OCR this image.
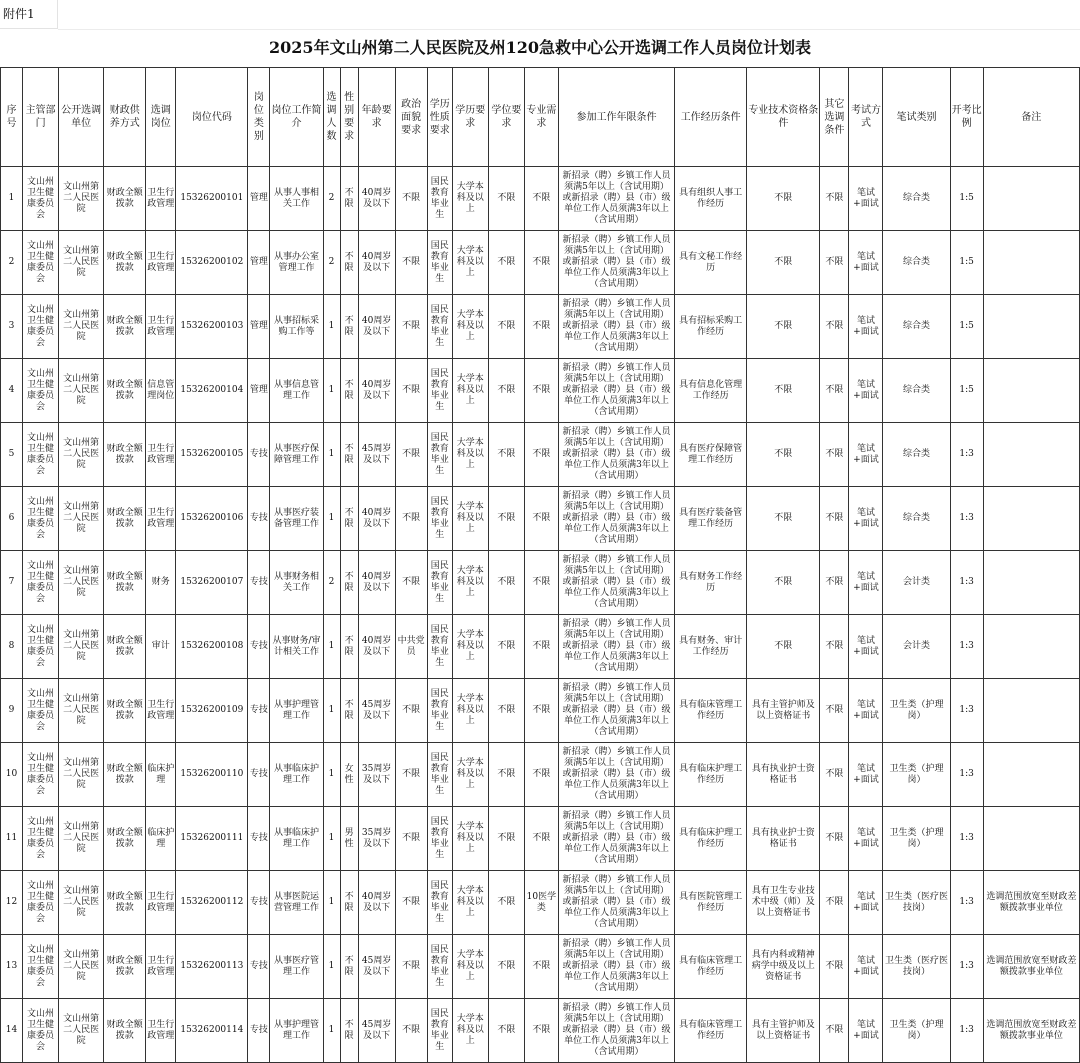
附件1
2025年文山州第二人民医院及州120急救中心公开选调工作人员岗位计划表
序号	主管部门	公开选调单位	财政供养方式	选调岗位	岗位代码	岗位类别	岗位工作简介	选调人数	性别要求	年龄要求	政治面貌要求	学历性质要求	学历要求	学位要求	专业需求	参加工作年限条件	工作经历条件	专业技术资格条件	其它选调条件	考试方式	笔试类别	开考比例	备注
1	文山州卫生健康委员会	文山州第二人民医院	财政全额拨款	卫生行政管理	15326200101	管理	从事人事相关工作	2	不限	40周岁及以下	不限	国民教育毕业生	大学本科及以上	不限	不限	新招录（聘）乡镇工作人员须满5年以上（含试用期）或新招录（聘）县（市）级单位工作人员须满3年以上（含试用期）	具有组织人事工作经历	不限	不限	笔试+面试	综合类	1:5	
2	文山州卫生健康委员会	文山州第二人民医院	财政全额拨款	卫生行政管理	15326200102	管理	从事办公室管理工作	2	不限	40周岁及以下	不限	国民教育毕业生	大学本科及以上	不限	不限	新招录（聘）乡镇工作人员须满5年以上（含试用期）或新招录（聘）县（市）级单位工作人员须满3年以上（含试用期）	具有文秘工作经历	不限	不限	笔试+面试	综合类	1:5	
3	文山州卫生健康委员会	文山州第二人民医院	财政全额拨款	卫生行政管理	15326200103	管理	从事招标采购工作等	1	不限	40周岁及以下	不限	国民教育毕业生	大学本科及以上	不限	不限	新招录（聘）乡镇工作人员须满5年以上（含试用期）或新招录（聘）县（市）级单位工作人员须满3年以上（含试用期）	具有招标采购工作经历	不限	不限	笔试+面试	综合类	1:5	
4	文山州卫生健康委员会	文山州第二人民医院	财政全额拨款	信息管理岗位	15326200104	管理	从事信息管理工作	1	不限	40周岁及以下	不限	国民教育毕业生	大学本科及以上	不限	不限	新招录（聘）乡镇工作人员须满5年以上（含试用期）或新招录（聘）县（市）级单位工作人员须满3年以上（含试用期）	具有信息化管理工作经历	不限	不限	笔试+面试	综合类	1:5	
5	文山州卫生健康委员会	文山州第二人民医院	财政全额拨款	卫生行政管理	15326200105	专技	从事医疗保障管理工作	1	不限	45周岁及以下	不限	国民教育毕业生	大学本科及以上	不限	不限	新招录（聘）乡镇工作人员须满5年以上（含试用期）或新招录（聘）县（市）级单位工作人员须满3年以上（含试用期）	具有医疗保障管理工作经历	不限	不限	笔试+面试	综合类	1:3	
6	文山州卫生健康委员会	文山州第二人民医院	财政全额拨款	卫生行政管理	15326200106	专技	从事医疗装备管理工作	1	不限	40周岁及以下	不限	国民教育毕业生	大学本科及以上	不限	不限	新招录（聘）乡镇工作人员须满5年以上（含试用期）或新招录（聘）县（市）级单位工作人员须满3年以上（含试用期）	具有医疗装备管理工作经历	不限	不限	笔试+面试	综合类	1:3	
7	文山州卫生健康委员会	文山州第二人民医院	财政全额拨款	财务	15326200107	专技	从事财务相关工作	2	不限	40周岁及以下	不限	国民教育毕业生	大学本科及以上	不限	不限	新招录（聘）乡镇工作人员须满5年以上（含试用期）或新招录（聘）县（市）级单位工作人员须满3年以上（含试用期）	具有财务工作经历	不限	不限	笔试+面试	会计类	1:3	
8	文山州卫生健康委员会	文山州第二人民医院	财政全额拨款	审计	15326200108	专技	从事财务/审计相关工作	1	不限	40周岁及以下	中共党员	国民教育毕业生	大学本科及以上	不限	不限	新招录（聘）乡镇工作人员须满5年以上（含试用期）或新招录（聘）县（市）级单位工作人员须满3年以上（含试用期）	具有财务、审计工作经历	不限	不限	笔试+面试	会计类	1:3	
9	文山州卫生健康委员会	文山州第二人民医院	财政全额拨款	卫生行政管理	15326200109	专技	从事护理管理工作	1	不限	45周岁及以下	不限	国民教育毕业生	大学本科及以上	不限	不限	新招录（聘）乡镇工作人员须满5年以上（含试用期）或新招录（聘）县（市）级单位工作人员须满3年以上（含试用期）	具有临床管理工作经历	具有主管护师及以上资格证书	不限	笔试+面试	卫生类（护理岗）	1:3	
10	文山州卫生健康委员会	文山州第二人民医院	财政全额拨款	临床护理	15326200110	专技	从事临床护理工作	1	女性	35周岁及以下	不限	国民教育毕业生	大学本科及以上	不限	不限	新招录（聘）乡镇工作人员须满5年以上（含试用期）或新招录（聘）县（市）级单位工作人员须满3年以上（含试用期）	具有临床护理工作经历	具有执业护士资格证书	不限	笔试+面试	卫生类（护理岗）	1:3	
11	文山州卫生健康委员会	文山州第二人民医院	财政全额拨款	临床护理	15326200111	专技	从事临床护理工作	1	男性	35周岁及以下	不限	国民教育毕业生	大学本科及以上	不限	不限	新招录（聘）乡镇工作人员须满5年以上（含试用期）或新招录（聘）县（市）级单位工作人员须满3年以上（含试用期）	具有临床护理工作经历	具有执业护士资格证书	不限	笔试+面试	卫生类（护理岗）	1:3	
12	文山州卫生健康委员会	文山州第二人民医院	财政全额拨款	卫生行政管理	15326200112	专技	从事医院运营管理工作	1	不限	40周岁及以下	不限	国民教育毕业生	大学本科及以上	不限	10医学类	新招录（聘）乡镇工作人员须满5年以上（含试用期）或新招录（聘）县（市）级单位工作人员须满3年以上（含试用期）	具有医院管理工作经历	具有卫生专业技术中级（师）及以上资格证书	不限	笔试+面试	卫生类（医疗医技岗）	1:3	选调范围放宽至财政差额拨款事业单位
13	文山州卫生健康委员会	文山州第二人民医院	财政全额拨款	卫生行政管理	15326200113	专技	从事医疗管理工作	1	不限	45周岁及以下	不限	国民教育毕业生	大学本科及以上	不限	不限	新招录（聘）乡镇工作人员须满5年以上（含试用期）或新招录（聘）县（市）级单位工作人员须满3年以上（含试用期）	具有临床管理工作经历	具有内科或精神病学中级及以上资格证书	不限	笔试+面试	卫生类（医疗医技岗）	1:3	选调范围放宽至财政差额拨款事业单位
14	文山州卫生健康委员会	文山州第二人民医院	财政全额拨款	卫生行政管理	15326200114	专技	从事护理管理工作	1	不限	45周岁及以下	不限	国民教育毕业生	大学本科及以上	不限	不限	新招录（聘）乡镇工作人员须满5年以上（含试用期）或新招录（聘）县（市）级单位工作人员须满3年以上（含试用期）	具有临床管理工作经历	具有主管护师及以上资格证书	不限	笔试+面试	卫生类（护理岗）	1:3	选调范围放宽至财政差额拨款事业单位
